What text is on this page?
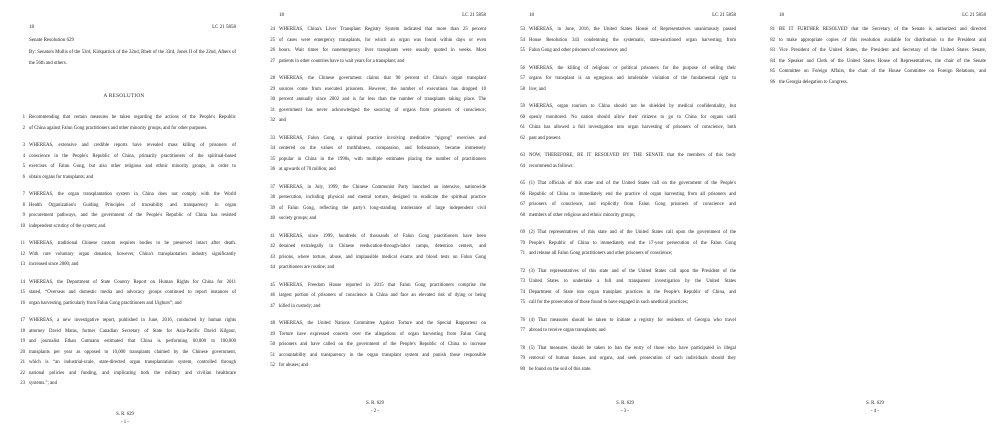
18	LC 21 5858
Senate Resolution 629
By: Senators Mullis of the 53rd, Kirkpatrick of the 32nd, Rhett of the 33rd, Jones II of the 22nd, Albers of the 56th and others.
A RESOLUTION
1 Recommending that certain measures be taken regarding the actions of the People's Republic
2 of China against Falun Gong practitioners and other minority groups, and for other purposes.
3 WHEREAS, extensive and credible reports have revealed mass killing of prisoners of
4 conscience in the People's Republic of China, primarily practitioners of the spiritual-based
5 exercises of Falun Gong, but also other religious and ethnic minority groups, in order to
6 obtain organs for transplants; and
7 WHEREAS, the organ transplantation system in China does not comply with the World
8 Health Organization's Guiding Principles of traceability and transparency in organ
9 procurement pathways, and the government of the People's Republic of China has resisted
10 independent scrutiny of the system; and
11 WHEREAS, traditional Chinese custom requires bodies to be preserved intact after death.
12 With rare voluntary organ donation, however, China's transplantation industry significantly
13 increased since 2000; and
14 WHEREAS, the Department of State Country Report on Human Rights for China for 2011
15 stated, “Overseas and domestic media and advocacy groups continued to report instances of
16 organ harvesting, particularly from Falun Gong practitioners and Uighurs”; and
17 WHEREAS, a new investigative report, published in June, 2016, conducted by human rights
18 attorney David Matas, former Canadian Secretary of State for Asia-Pacific David Kilgour,
19 and journalist Ethan Gutmann estimated that China is performing 60,000 to 100,000
20 transplants per year as opposed to 10,000 transplants claimed by the Chinese government,
21 which is “an industrial-scale, state-directed organ transplantation system, controlled through
22 national policies and funding, and implicating both the military and civilian healthcare
23 systems.”; and
S. R. 629
- 1 -
18	LC 21 5858
24 WHEREAS, China's Liver Transplant Registry System indicated that more than 25 percent
25 of cases were emergency transplants, for which an organ was found within days or even
26 hours. Wait times for nonemergency liver transplants were usually quoted in weeks. Most
27 patients in other countries have to wait years for a transplant; and
28 WHEREAS, the Chinese government claims that 90 percent of China's organ transplant
29 sources come from executed prisoners. However, the number of executions has dropped 10
30 percent annually since 2002 and is far less than the number of transplants taking place. The
31 government has never acknowledged the sourcing of organs from prisoners of conscience;
32 and
33 WHEREAS, Falun Gong, a spiritual practice involving meditative “qigong” exercises and
34 centered on the values of truthfulness, compassion, and forbearance, became immensely
35 popular in China in the 1990s, with multiple estimates placing the number of practitioners
36 at upwards of 70 million; and
37 WHEREAS, in July, 1999, the Chinese Communist Party launched an intensive, nationwide
38 persecution, including physical and mental torture, designed to eradicate the spiritual practice
39 of Falun Gong, reflecting the party's long-standing intolerance of large independent civil
40 society groups; and
41 WHEREAS, since 1999, hundreds of thousands of Falun Gong practitioners have been
42 detained extralegally in Chinese reeducation-through-labor camps, detention centers, and
43 prisons, where torture, abuse, and implausible medical exams and blood tests on Falun Gong
44 practitioners are routine; and
45 WHEREAS, Freedom House reported in 2015 that Falun Gong practitioners comprise the
46 largest portion of prisoners of conscience in China and face an elevated risk of dying or being
47 killed in custody; and
48 WHEREAS, the United Nations Committee Against Torture and the Special Rapporteur on
49 Torture have expressed concern over the allegations of organ harvesting from Falun Gong
50 prisoners and have called on the government of the People's Republic of China to increase
51 accountability and transparency in the organ transplant system and punish those responsible
52 for abuses; and
S. R. 629
- 2 -
18	LC 21 5858
53 WHEREAS, in June, 2016, the United States House of Representatives unanimously passed
54 House Resolution 343 condemning the systematic, state-sanctioned organ harvesting from
55 Falun Gong and other prisoners of conscience; and
56 WHEREAS, the killing of religious or political prisoners for the purpose of selling their
57 organs for transplant is an egregious and intolerable violation of the fundamental right to
58 live; and
59 WHEREAS, organ tourism to China should not be shielded by medical confidentiality, but
60 openly monitored. No nation should allow their citizens to go to China for organs until
61 China has allowed a full investigation into organ harvesting of prisoners of conscience, both
62 past and present.
63 NOW, THEREFORE, BE IT RESOLVED BY THE SENATE that the members of this body
64 recommend as follows:
65 (1) That officials of this state and of the United States call on the government of the People's
66 Republic of China to immediately end the practice of organ harvesting from all prisoners and
67 prisoners of conscience, and explicitly from Falun Gong prisoners of conscience and
68 members of other religious and ethnic minority groups;
69 (2) That representatives of this state and of the United States call upon the government of the
70 People's Republic of China to immediately end the 17-year persecution of the Falun Gong
71 and release all Falun Gong practitioners and other prisoners of conscience;
72 (3) That representatives of this state and of the United States call upon the President of the
73 United States to undertake a full and transparent investigation by the United States
74 Department of State into organ transplant practices in the People's Republic of China, and
75 call for the prosecution of those found to have engaged in such unethical practices;
76 (4) That measures should be taken to initiate a registry for residents of Georgia who travel
77 abroad to receive organ transplants; and
78 (5) That measures should be taken to ban the entry of those who have participated in illegal
79 removal of human tissues and organs, and seek prosecution of such individuals should they
80 be found on the soil of this state.
S. R. 629
- 3 -
18	LC 21 5858
81 BE IT FURTHER RESOLVED that the Secretary of the Senate is authorized and directed
82 to make appropriate copies of this resolution available for distribution to the President and
83 Vice President of the United States, the President and Secretary of the United States Senate,
84 the Speaker and Clerk of the United States House of Representatives, the chair of the Senate
85 Committee on Foreign Affairs, the chair of the House Committee on Foreign Relations, and
86 the Georgia delegation to Congress.
S. R. 629
- 4 -
